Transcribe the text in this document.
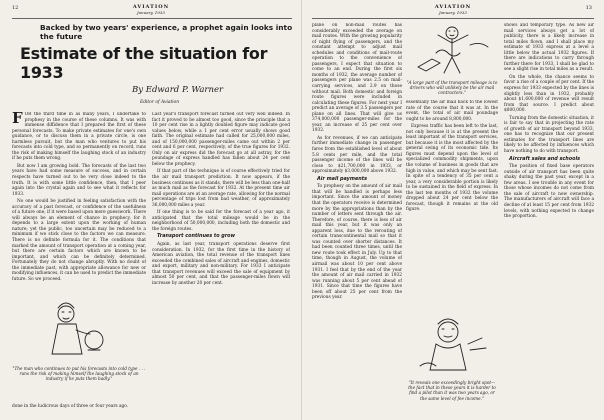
12	AVIATION
January, 1933
Backed by two years' experience, a prophet again looks into the future
Estimate of the situation for 1933
By Edward P. Warner
Editor of Aviation

FOR the third time in as many years, I undertake to prophesy in the course of these columns. It was with immense diffidence that I prepared the first of these personal forecasts. To make private estimates for one's own guidance, or to discuss them in a private circle, is one harmless pursuit, but the man who ventures to put his forecasts into cold type, and so permanently on record, runs the risk of making himself the laughing stock of an industry if he puts them wrong.

But now I am growing bold. The forecasts of the last two years have had some measure of success, and in certain respects have turned out to be very close indeed to the truth. It is with some little confidence, then, that I peer again into the crystal again and to see what it reflects for 1933.

No one would be justified in feeling satisfaction with the accuracy of a past forecast, or confidence of the usefulness of a future one, if it were based upon mere guesswork. There will always be an element of chance in prophecy, for it depends to a large extent upon the working of human nature; yet the public, too uncertain may be reduced to a minimum if we stick close to the factors we can measure. There is no definite formula for it. The conditions that marked the amount of transport operation at a coming year, but there are certain factors which are known to be important, and which can be definitely determined. Fortunately they do not change abruptly. With no doubt of the immediate past, with appropriate allowance for new or modifying influences, it can be used to predict the immediate future. So we proceed.

Last year's transport forecast turned out very well indeed. In fact it proved to be almost too good, since the principle that a 10 per cent rise in a lightly doubled figure may indicate good values below, while a 1 per cent error usually shows good faith. The original estimate had called for 25,000,000 miles, and of 150,000,000 passenger-miles came out within 2 per cent and 6 per cent, respectively, of the true figures for 1932. Only on air express did the forecast go at all astray, for the poundage of express handled has fallen about 24 per cent below the prophecy.

If that part of the technique is of course effectively tried for the air mail transport prediction. It now appears, if the business continues as it stands, there will be less than one-half as much mail as the forecast for 1932. At the present time air mail operations are at an average rate, allowing for the normal percentage of trips lost from bad weather, of approximately 36,000,000 miles a year.

If one thing is to be said for the forecast of a year ago, it anticipated that the total mileage would be in the neighborhood of 50,000,000, including both the domestic and the foreign routes.

Transport continues to grow

Again, as last year, transport operations deserve first consideration. In 1932, for the first time in the history of American aviation, the total revenue of the transport lines exceeded the combined sales of aircraft and engines, domestic and export, military and non-military. For 1933 I anticipate that transport revenues will exceed the sale of equipment by almost 50 per cent, and that the passenger-miles flown will increase by another 20 per cent.

"The man who continues to put his forecasts into cold type . . . runs the risk of making himself the laughing stock of an industry if he puts them badly."
done in the ludicrous days of three or four years ago.
13
AVIATION
January, 1933

plane on non-mail routes has considerably exceeded the average on mail routes. With the growing popularity of night flying of passengers, and the constant attempt to adjust mail schedules and conditions of mail-route operation to the convenience of passengers, I expect that situation to come to an end. During the first six months of 1932, the average number of passengers per plane was 2.5 on mail-carrying services, and 2.9 on those without mail. Both domestic and foreign route figures were included in calculating these figures. For next year I predict an average of 3.5 passengers per plane on all lines. That will give us 374,000,000 passenger-miles for the year, an increase of 25 per cent over 1932.

As for revenues, if we can anticipate further immediate change in passenger fares from the established level of about 5.8 cents per mile, and the total passenger income of the lines will be close to $21,700,000 in 1933, or approximately $3,000,000 above 1932.

Air mail payments

To prophesy on the amount of air mail that will be handled is perhaps less important. Since the amount of money that the operators receive is determined more by the appropriations than by the number of letters sent through the air. Therefore, of course, there is less of air mail this year, but it was only an apparent loss, due to the rerouting of certain transcontinental mail so that it was counted over shorter distances. It had been counted three times, until the new route took effect in July. Up to that time, though in August, the volume of airmail was about 10 per cent above 1931. I feel that by the end of the year the amount of air mail carried in 1932 was running about 5 per cent ahead of 1931. Since that time the figures have been off about 25 per cent from the previous year.

"A large part of the transport mileage is to drivers who will unlikely be the air mail contractors."

essentially the air mail back to the lowest rate of the course that it was at. In the event, the total of air mail poundage ought to be around 8,800,000.

Express traffic has been left to the last, not only because it is at the present the least important of the transport services, but because it is the most affected by the general swing of its economic tide. Its figures must depend upon the level of specialized commodity shipments, upon the volume of business in goods that are high in value, and which may be sent fast. In spite of a tendency of 35 per cent a year, a very considerable portion is likely to be sustained in the field of express. In the last ten months of 1932 the volume dropped about 24 per cent below the forecast, though it remains at the old figure.

"It reveals one exceedingly bright spot—the fact that in these years it is harder to find a pilot than it was two years ago, or the same level of fee income."

shows and temporary type. As new air mail services always get a lot of publicity, there is a likely increase in total miles flown, and I shall place my estimate of 1933 express at a level a little below the actual 1932 figures. If there are indications to carry through further there for 1933, I shall be glad to see a slight rise in total miles as a result.

On the whole, the chance seems to favor a rise of a couple of per cent. If the express for 1933 expected by the lines is slightly less than in 1932, probably about $1,600,000 of revenue will result from that source. I predict about $800,000.

Turning from the domestic situation, it is fair to say that in projecting the rate of growth of air transport beyond 1933, one has to recognize that our present estimates for the transport lines are likely to be affected by influences which have nothing to do with transport.

Aircraft sales and schools

The position of fixed base operators outside of air transport has been quite shaky during the past year, except in a few areas. I see trouble in any event for those whose incomes do not come from the sale of aircraft to new ownership. The manufacturers of aircraft will face a decline of at least 15 per cent from 1932 levels, with nothing expected to change the proportion.
